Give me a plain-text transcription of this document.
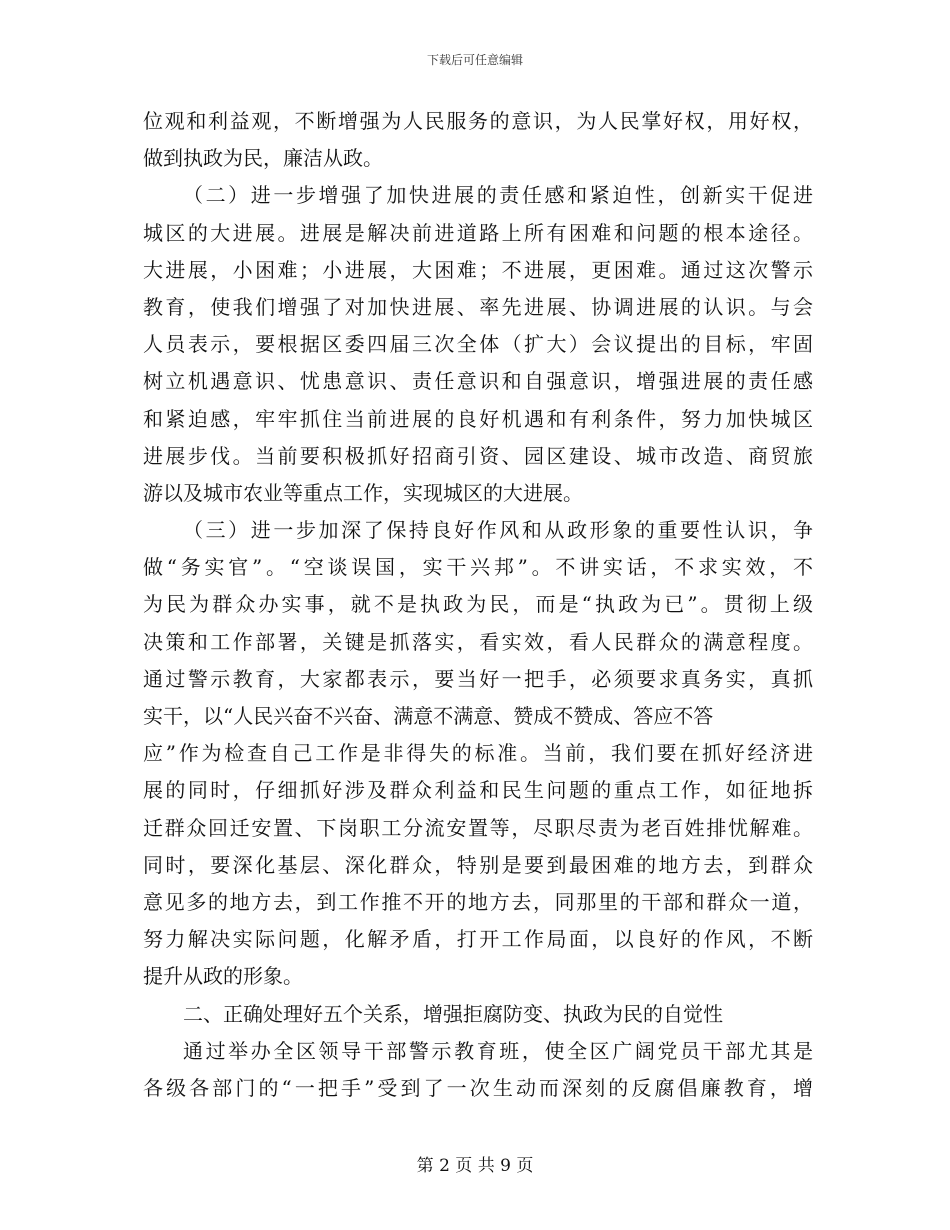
下载后可任意编辑
位观和利益观，不断增强为人民服务的意识，为人民掌好权，用好权，
做到执政为民，廉洁从政。
（二）进一步增强了加快进展的责任感和紧迫性，创新实干促进
城区的大进展。进展是解决前进道路上所有困难和问题的根本途径。
大进展，小困难；小进展，大困难；不进展，更困难。通过这次警示
教育，使我们增强了对加快进展、率先进展、协调进展的认识。与会
人员表示，要根据区委四届三次全体（扩大）会议提出的目标，牢固
树立机遇意识、忧患意识、责任意识和自强意识，增强进展的责任感
和紧迫感，牢牢抓住当前进展的良好机遇和有利条件，努力加快城区
进展步伐。当前要积极抓好招商引资、园区建设、城市改造、商贸旅
游以及城市农业等重点工作，实现城区的大进展。
（三）进一步加深了保持良好作风和从政形象的重要性认识，争
做“务实官”。“空谈误国，实干兴邦”。不讲实话，不求实效，不
为民为群众办实事，就不是执政为民，而是“执政为已”。贯彻上级
决策和工作部署，关键是抓落实，看实效，看人民群众的满意程度。
通过警示教育，大家都表示，要当好一把手，必须要求真务实，真抓
实干，以“人民兴奋不兴奋、满意不满意、赞成不赞成、答应不答
应”作为检查自己工作是非得失的标准。当前，我们要在抓好经济进
展的同时，仔细抓好涉及群众利益和民生问题的重点工作，如征地拆
迁群众回迁安置、下岗职工分流安置等，尽职尽责为老百姓排忧解难。
同时，要深化基层、深化群众，特别是要到最困难的地方去，到群众
意见多的地方去，到工作推不开的地方去，同那里的干部和群众一道，
努力解决实际问题，化解矛盾，打开工作局面，以良好的作风，不断
提升从政的形象。
二、正确处理好五个关系，增强拒腐防变、执政为民的自觉性
通过举办全区领导干部警示教育班，使全区广阔党员干部尤其是
各级各部门的“一把手”受到了一次生动而深刻的反腐倡廉教育，增
第 2 页 共 9 页
